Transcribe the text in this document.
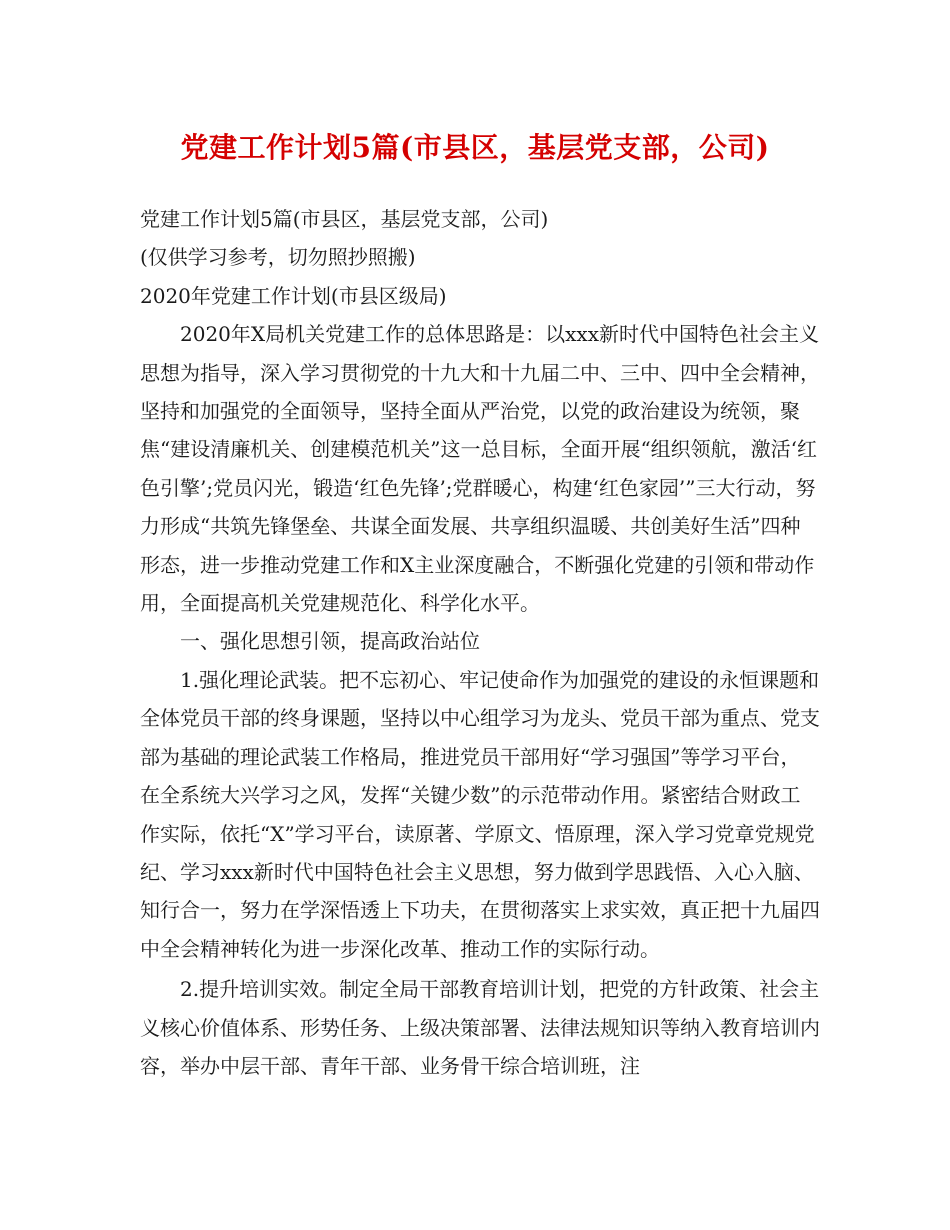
党建工作计划5篇(市县区，基层党支部，公司)

党建工作计划5篇(市县区，基层党支部，公司)

(仅供学习参考，切勿照抄照搬)

2020年党建工作计划(市县区级局)

2020年X局机关党建工作的总体思路是：以xxx新时代中国特色社会主义思想为指导，深入学习贯彻党的十九大和十九届二中、三中、四中全会精神，坚持和加强党的全面领导，坚持全面从严治党，以党的政治建设为统领，聚焦“建设清廉机关、创建模范机关”这一总目标，全面开展“组织领航，激活‘红色引擎’;党员闪光，锻造‘红色先锋’;党群暖心，构建‘红色家园’”三大行动，努力形成“共筑先锋堡垒、共谋全面发展、共享组织温暖、共创美好生活”四种形态，进一步推动党建工作和X主业深度融合，不断强化党建的引领和带动作用，全面提高机关党建规范化、科学化水平。

一、强化思想引领，提高政治站位

1.强化理论武装。把不忘初心、牢记使命作为加强党的建设的永恒课题和全体党员干部的终身课题，坚持以中心组学习为龙头、党员干部为重点、党支部为基础的理论武装工作格局，推进党员干部用好“学习强国”等学习平台，在全系统大兴学习之风，发挥“关键少数”的示范带动作用。紧密结合财政工作实际，依托“X”学习平台，读原著、学原文、悟原理，深入学习党章党规党纪、学习xxx新时代中国特色社会主义思想，努力做到学思践悟、入心入脑、知行合一，努力在学深悟透上下功夫，在贯彻落实上求实效，真正把十九届四中全会精神转化为进一步深化改革、推动工作的实际行动。

2.提升培训实效。制定全局干部教育培训计划，把党的方针政策、社会主义核心价值体系、形势任务、上级决策部署、法律法规知识等纳入教育培训内容，举办中层干部、青年干部、业务骨干综合培训班，注
